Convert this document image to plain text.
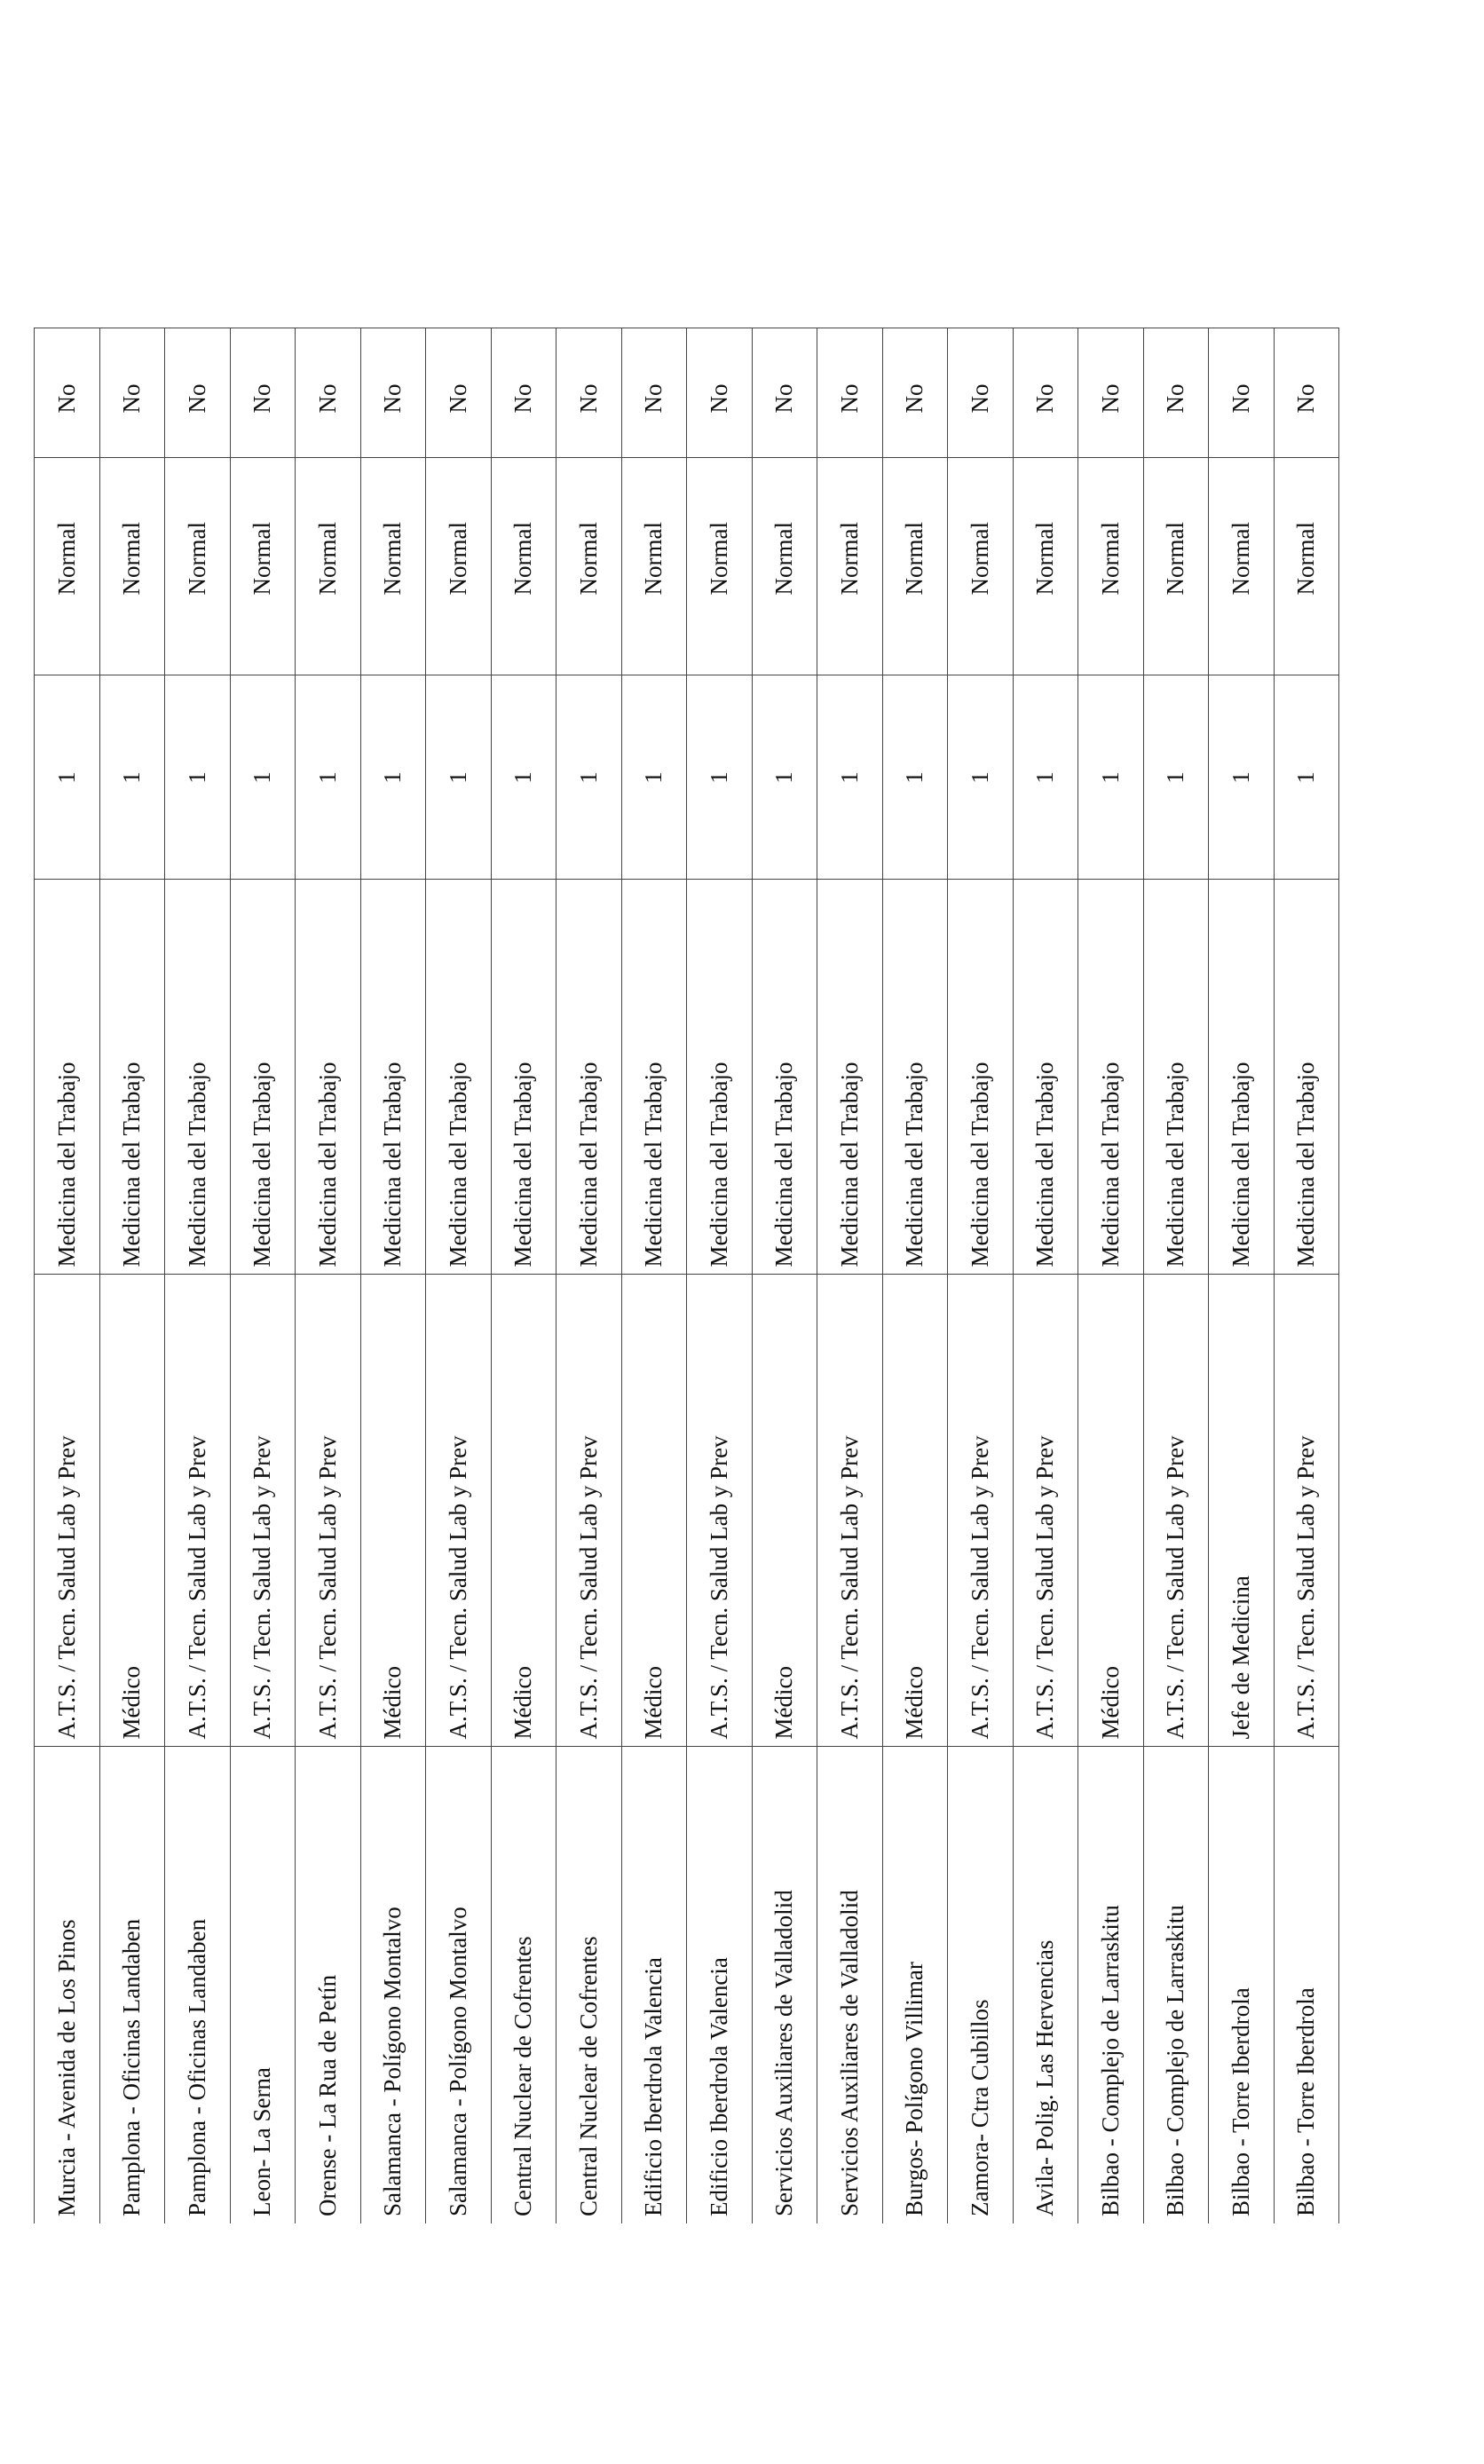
Murcia - Avenida de Los Pinos	A.T.S. / Tecn. Salud Lab y Prev	Medicina del Trabajo	1	Normal	No
Pamplona - Oficinas Landaben	Médico	Medicina del Trabajo	1	Normal	No
Pamplona - Oficinas Landaben	A.T.S. / Tecn. Salud Lab y Prev	Medicina del Trabajo	1	Normal	No
Leon- La Serna	A.T.S. / Tecn. Salud Lab y Prev	Medicina del Trabajo	1	Normal	No
Orense - La Rua de Petín	A.T.S. / Tecn. Salud Lab y Prev	Medicina del Trabajo	1	Normal	No
Salamanca - Polígono Montalvo	Médico	Medicina del Trabajo	1	Normal	No
Salamanca - Polígono Montalvo	A.T.S. / Tecn. Salud Lab y Prev	Medicina del Trabajo	1	Normal	No
Central Nuclear de Cofrentes	Médico	Medicina del Trabajo	1	Normal	No
Central Nuclear de Cofrentes	A.T.S. / Tecn. Salud Lab y Prev	Medicina del Trabajo	1	Normal	No
Edificio Iberdrola Valencia	Médico	Medicina del Trabajo	1	Normal	No
Edificio Iberdrola Valencia	A.T.S. / Tecn. Salud Lab y Prev	Medicina del Trabajo	1	Normal	No
Servicios Auxiliares de Valladolid	Médico	Medicina del Trabajo	1	Normal	No
Servicios Auxiliares de Valladolid	A.T.S. / Tecn. Salud Lab y Prev	Medicina del Trabajo	1	Normal	No
Burgos- Polígono Villimar	Médico	Medicina del Trabajo	1	Normal	No
Zamora- Ctra Cubillos	A.T.S. / Tecn. Salud Lab y Prev	Medicina del Trabajo	1	Normal	No
Avila- Polig. Las Hervencias	A.T.S. / Tecn. Salud Lab y Prev	Medicina del Trabajo	1	Normal	No
Bilbao - Complejo de Larraskitu	Médico	Medicina del Trabajo	1	Normal	No
Bilbao - Complejo de Larraskitu	A.T.S. / Tecn. Salud Lab y Prev	Medicina del Trabajo	1	Normal	No
Bilbao - Torre Iberdrola	Jefe de Medicina	Medicina del Trabajo	1	Normal	No
Bilbao - Torre Iberdrola	A.T.S. / Tecn. Salud Lab y Prev	Medicina del Trabajo	1	Normal	No
